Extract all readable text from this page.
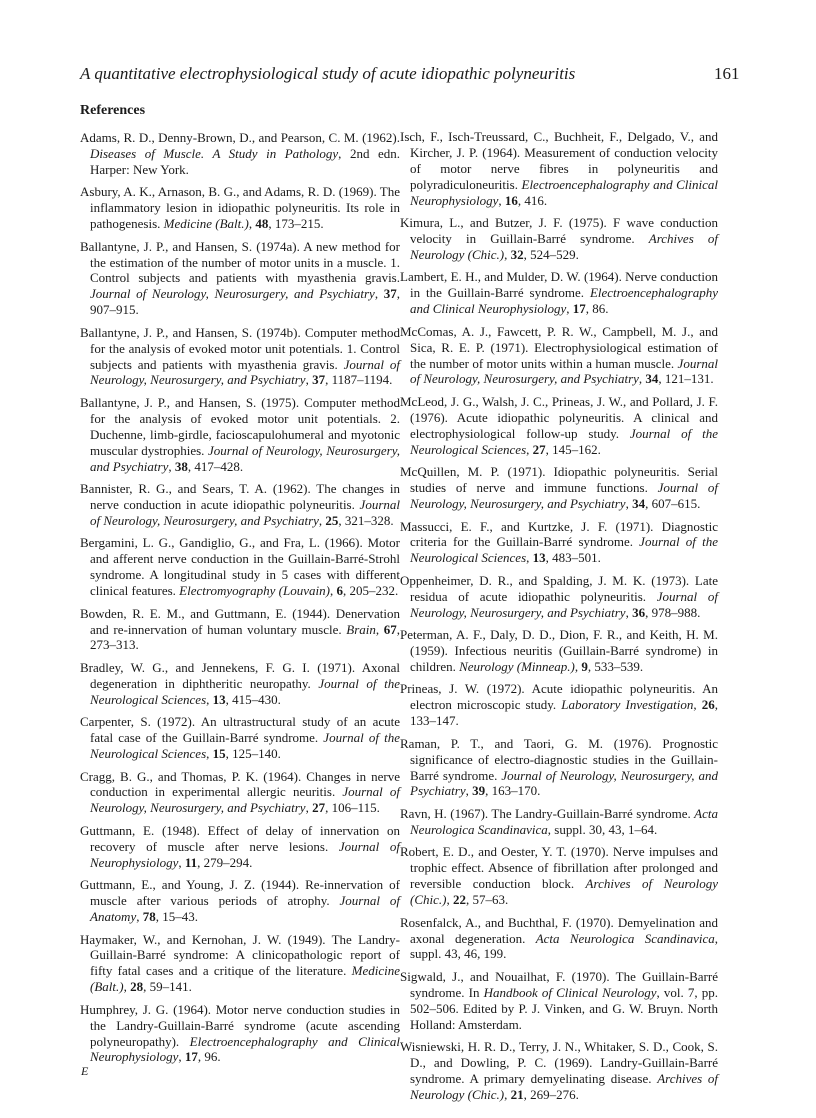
A quantitative electrophysiological study of acute idiopathic polyneuritis	161
References

Adams, R. D., Denny-Brown, D., and Pearson, C. M. (1962). Diseases of Muscle. A Study in Pathology, 2nd edn. Harper: New York.

Asbury, A. K., Arnason, B. G., and Adams, R. D. (1969). The inflammatory lesion in idiopathic polyneuritis. Its role in pathogenesis. Medicine (Balt.), 48, 173–215.

Ballantyne, J. P., and Hansen, S. (1974a). A new method for the estimation of the number of motor units in a muscle. 1. Control subjects and patients with myasthenia gravis. Journal of Neurology, Neurosurgery, and Psychiatry, 37, 907–915.

Ballantyne, J. P., and Hansen, S. (1974b). Computer method for the analysis of evoked motor unit potentials. 1. Control subjects and patients with myasthenia gravis. Journal of Neurology, Neurosurgery, and Psychiatry, 37, 1187–1194.

Ballantyne, J. P., and Hansen, S. (1975). Computer method for the analysis of evoked motor unit potentials. 2. Duchenne, limb-girdle, facioscapulohumeral and myotonic muscular dystrophies. Journal of Neurology, Neurosurgery, and Psychiatry, 38, 417–428.

Bannister, R. G., and Sears, T. A. (1962). The changes in nerve conduction in acute idiopathic polyneuritis. Journal of Neurology, Neurosurgery, and Psychiatry, 25, 321–328.

Bergamini, L. G., Gandiglio, G., and Fra, L. (1966). Motor and afferent nerve conduction in the Guillain-Barré-Strohl syndrome. A longitudinal study in 5 cases with different clinical features. Electromyography (Louvain), 6, 205–232.

Bowden, R. E. M., and Guttmann, E. (1944). Denervation and re-innervation of human voluntary muscle. Brain, 67, 273–313.

Bradley, W. G., and Jennekens, F. G. I. (1971). Axonal degeneration in diphtheritic neuropathy. Journal of the Neurological Sciences, 13, 415–430.

Carpenter, S. (1972). An ultrastructural study of an acute fatal case of the Guillain-Barré syndrome. Journal of the Neurological Sciences, 15, 125–140.

Cragg, B. G., and Thomas, P. K. (1964). Changes in nerve conduction in experimental allergic neuritis. Journal of Neurology, Neurosurgery, and Psychiatry, 27, 106–115.

Guttmann, E. (1948). Effect of delay of innervation on recovery of muscle after nerve lesions. Journal of Neurophysiology, 11, 279–294.

Guttmann, E., and Young, J. Z. (1944). Re-innervation of muscle after various periods of atrophy. Journal of Anatomy, 78, 15–43.

Haymaker, W., and Kernohan, J. W. (1949). The Landry-Guillain-Barré syndrome: A clinicopathologic report of fifty fatal cases and a critique of the literature. Medicine (Balt.), 28, 59–141.

Humphrey, J. G. (1964). Motor nerve conduction studies in the Landry-Guillain-Barré syndrome (acute ascending polyneuropathy). Electroencephalography and Clinical Neurophysiology, 17, 96.

Isch, F., Isch-Treussard, C., Buchheit, F., Delgado, V., and Kircher, J. P. (1964). Measurement of conduction velocity of motor nerve fibres in polyneuritis and polyradiculoneuritis. Electroencephalography and Clinical Neurophysiology, 16, 416.

Kimura, L., and Butzer, J. F. (1975). F wave conduction velocity in Guillain-Barré syndrome. Archives of Neurology (Chic.), 32, 524–529.

Lambert, E. H., and Mulder, D. W. (1964). Nerve conduction in the Guillain-Barré syndrome. Electroencephalography and Clinical Neurophysiology, 17, 86.

McComas, A. J., Fawcett, P. R. W., Campbell, M. J., and Sica, R. E. P. (1971). Electrophysiological estimation of the number of motor units within a human muscle. Journal of Neurology, Neurosurgery, and Psychiatry, 34, 121–131.

McLeod, J. G., Walsh, J. C., Prineas, J. W., and Pollard, J. F. (1976). Acute idiopathic polyneuritis. A clinical and electrophysiological follow-up study. Journal of the Neurological Sciences, 27, 145–162.

McQuillen, M. P. (1971). Idiopathic polyneuritis. Serial studies of nerve and immune functions. Journal of Neurology, Neurosurgery, and Psychiatry, 34, 607–615.

Massucci, E. F., and Kurtzke, J. F. (1971). Diagnostic criteria for the Guillain-Barré syndrome. Journal of the Neurological Sciences, 13, 483–501.

Oppenheimer, D. R., and Spalding, J. M. K. (1973). Late residua of acute idiopathic polyneuritis. Journal of Neurology, Neurosurgery, and Psychiatry, 36, 978–988.

Peterman, A. F., Daly, D. D., Dion, F. R., and Keith, H. M. (1959). Infectious neuritis (Guillain-Barré syndrome) in children. Neurology (Minneap.), 9, 533–539.

Prineas, J. W. (1972). Acute idiopathic polyneuritis. An electron microscopic study. Laboratory Investigation, 26, 133–147.

Raman, P. T., and Taori, G. M. (1976). Prognostic significance of electro-diagnostic studies in the Guillain-Barré syndrome. Journal of Neurology, Neurosurgery, and Psychiatry, 39, 163–170.

Ravn, H. (1967). The Landry-Guillain-Barré syndrome. Acta Neurologica Scandinavica, suppl. 30, 43, 1–64.

Robert, E. D., and Oester, Y. T. (1970). Nerve impulses and trophic effect. Absence of fibrillation after prolonged and reversible conduction block. Archives of Neurology (Chic.), 22, 57–63.

Rosenfalck, A., and Buchthal, F. (1970). Demyelination and axonal degeneration. Acta Neurologica Scandinavica, suppl. 43, 46, 199.

Sigwald, J., and Nouailhat, F. (1970). The Guillain-Barré syndrome. In Handbook of Clinical Neurology, vol. 7, pp. 502–506. Edited by P. J. Vinken, and G. W. Bruyn. North Holland: Amsterdam.

Wisniewski, H. R. D., Terry, J. N., Whitaker, S. D., Cook, S. D., and Dowling, P. C. (1969). Landry-Guillain-Barré syndrome. A primary demyelinating disease. Archives of Neurology (Chic.), 21, 269–276.

E
